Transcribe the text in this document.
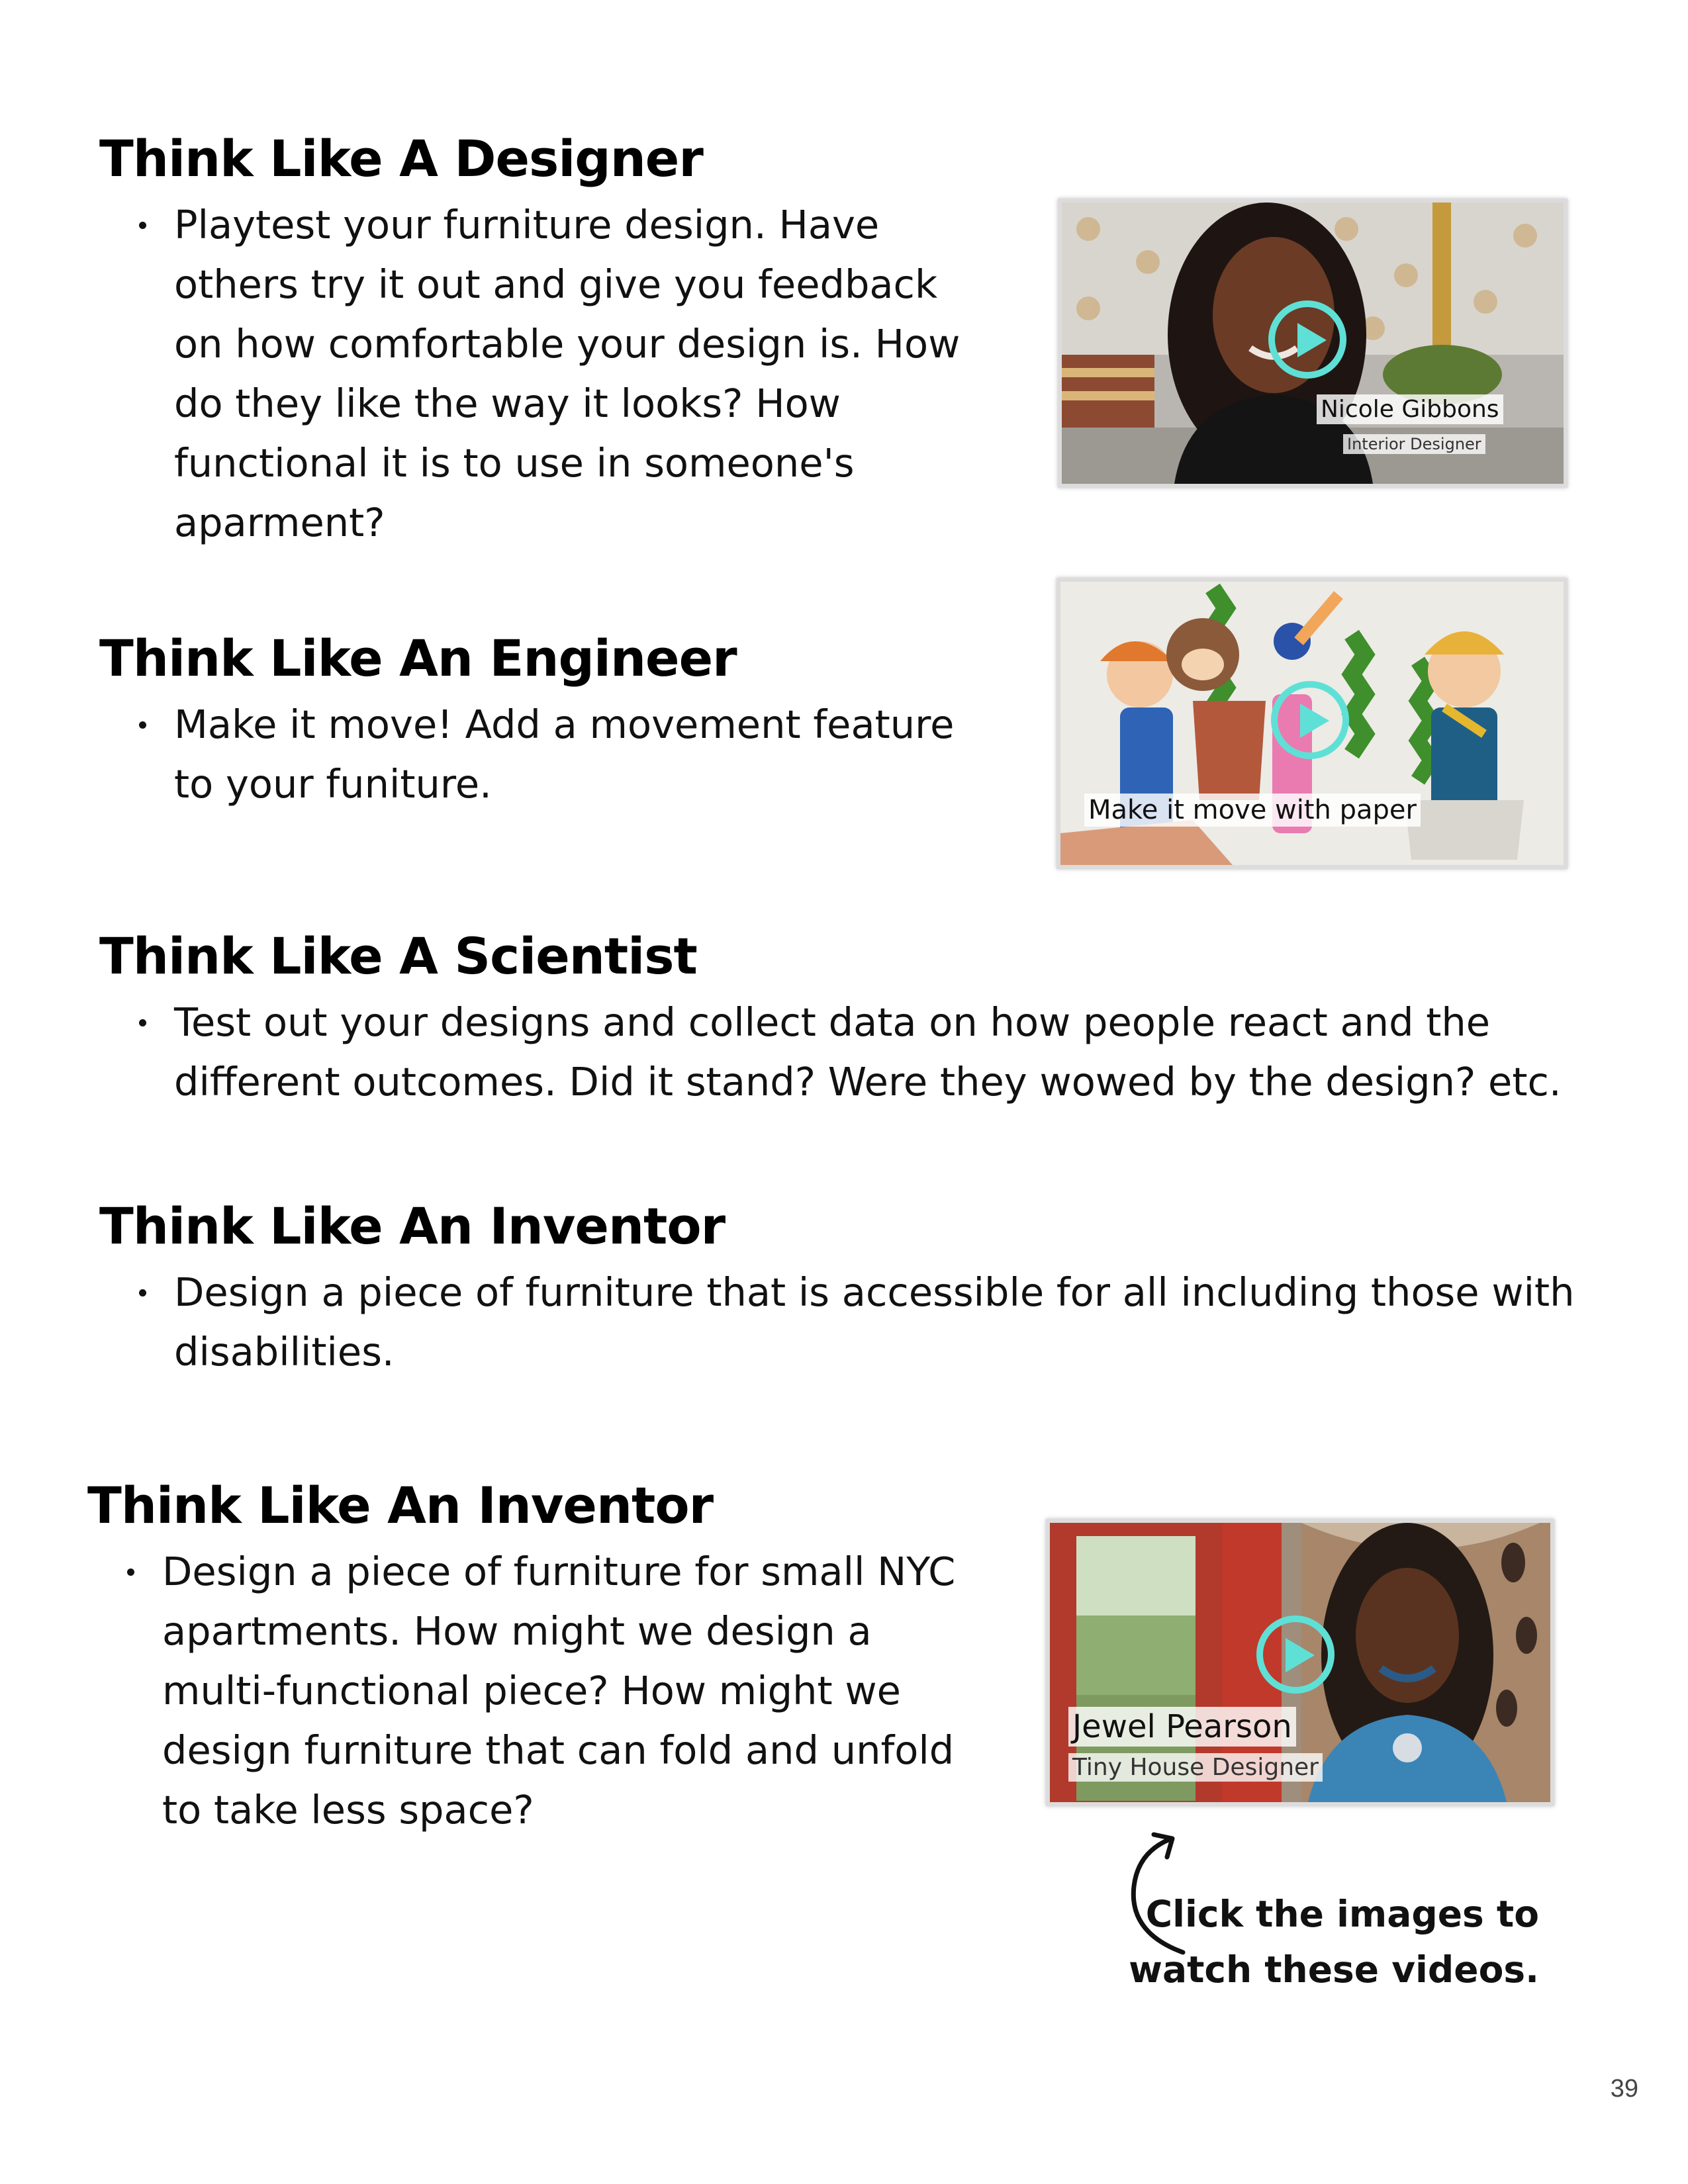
Think Like A Designer
Playtest your furniture design. Have others try it out and give you feedback on how comfortable your design is. How do they like the way it looks? How functional it is to use in someone's aparment?
Think Like An Engineer
Make it move! Add a movement feature to your funiture.
Think Like A Scientist
Test out your designs and collect data on how people react and the different outcomes. Did it stand? Were they wowed by the design? etc.
Think Like An Inventor
Design a piece of furniture that is accessible for all including those with disabilities.
Think Like An Inventor
Design a piece of furniture for small NYC apartments. How might we design a multi-functional piece? How might we design furniture that can fold and unfold to take less space?
Nicole Gibbons
Interior Designer
Make it move with paper
Jewel Pearson
Tiny House Designer

Click the images to
watch these videos.

39
